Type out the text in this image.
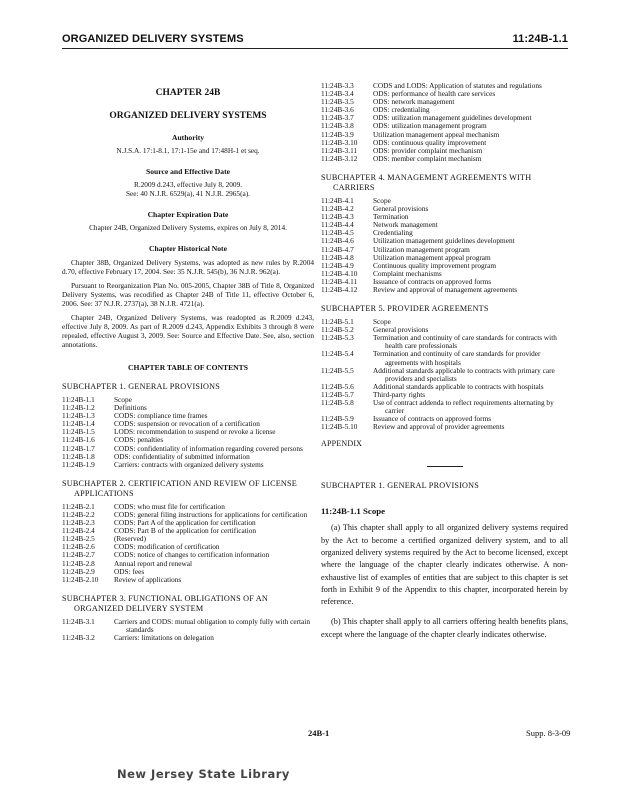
ORGANIZED DELIVERY SYSTEMS	11:24B-1.1
CHAPTER 24B
ORGANIZED DELIVERY SYSTEMS
Authority
N.J.S.A. 17:1-8.1, 17:1-15e and 17:48H-1 et seq.
Source and Effective Date
R.2009 d.243, effective July 8, 2009.
See: 40 N.J.R. 6529(a), 41 N.J.R. 2965(a).
Chapter Expiration Date
Chapter 24B, Organized Delivery Systems, expires on July 8, 2014.
Chapter Historical Note
Chapter 38B, Organized Delivery Systems, was adopted as new rules by R.2004 d.70, effective February 17, 2004. See: 35 N.J.R. 545(b), 36 N.J.R. 962(a).
Pursuant to Reorganization Plan No. 005-2005, Chapter 38B of Title 8, Organized Delivery Systems, was recodified as Chapter 24B of Title 11, effective October 6, 2006. See: 37 N.J.R. 2737(a), 38 N.J.R. 4721(a).
Chapter 24B, Organized Delivery Systems, was readopted as R.2009 d.243, effective July 8, 2009. As part of R.2009 d.243, Appendix Exhibits 3 through 8 were repealed, effective August 3, 2009. See: Source and Effective Date. See, also, section annotations.
CHAPTER TABLE OF CONTENTS
SUBCHAPTER 1. GENERAL PROVISIONS
11:24B-1.1	Scope
11:24B-1.2	Definitions
11:24B-1.3	CODS: compliance time frames
11:24B-1.4	CODS: suspension or revocation of a certification
11:24B-1.5	LODS: recommendation to suspend or revoke a license
11:24B-1.6	CODS: penalties
11:24B-1.7	CODS: confidentiality of information regarding covered persons
11:24B-1.8	ODS: confidentiality of submitted information
11:24B-1.9	Carriers: contracts with organized delivery systems
SUBCHAPTER 2. CERTIFICATION AND REVIEW OF LICENSE APPLICATIONS
11:24B-2.1	CODS: who must file for certification
11:24B-2.2	CODS: general filing instructions for applications for certification
11:24B-2.3	CODS: Part A of the application for certification
11:24B-2.4	CODS: Part B of the application for certification
11:24B-2.5	(Reserved)
11:24B-2.6	CODS: modification of certification
11:24B-2.7	CODS: notice of changes to certification information
11:24B-2.8	Annual report and renewal
11:24B-2.9	ODS: fees
11:24B-2.10	Review of applications
SUBCHAPTER 3. FUNCTIONAL OBLIGATIONS OF AN ORGANIZED DELIVERY SYSTEM
11:24B-3.1	Carriers and CODS: mutual obligation to comply fully with certain standards
11:24B-3.2	Carriers: limitations on delegation
11:24B-3.3	CODS and LODS: Application of statutes and regulations
11:24B-3.4	ODS: performance of health care services
11:24B-3.5	ODS: network management
11:24B-3.6	ODS: credentialing
11:24B-3.7	ODS: utilization management guidelines development
11:24B-3.8	ODS: utilization management program
11:24B-3.9	Utilization management appeal mechanism
11:24B-3.10	ODS: continuous quality improvement
11:24B-3.11	ODS: provider complaint mechanism
11:24B-3.12	ODS: member complaint mechanism
SUBCHAPTER 4. MANAGEMENT AGREEMENTS WITH CARRIERS
11:24B-4.1	Scope
11:24B-4.2	General provisions
11:24B-4.3	Termination
11:24B-4.4	Network management
11:24B-4.5	Credentialing
11:24B-4.6	Utilization management guidelines development
11:24B-4.7	Utilization management program
11:24B-4.8	Utilization management appeal program
11:24B-4.9	Continuous quality improvement program
11:24B-4.10	Complaint mechanisms
11:24B-4.11	Issuance of contracts on approved forms
11:24B-4.12	Review and approval of management agreements
SUBCHAPTER 5. PROVIDER AGREEMENTS
11:24B-5.1	Scope
11:24B-5.2	General provisions
11:24B-5.3	Termination and continuity of care standards for contracts with health care professionals
11:24B-5.4	Termination and continuity of care standards for provider agreements with hospitals
11:24B-5.5	Additional standards applicable to contracts with primary care providers and specialists
11:24B-5.6	Additional standards applicable to contracts with hospitals
11:24B-5.7	Third-party rights
11:24B-5.8	Use of contract addenda to reflect requirements alternating by carrier
11:24B-5.9	Issuance of contracts on approved forms
11:24B-5.10	Review and approval of provider agreements
APPENDIX
SUBCHAPTER 1. GENERAL PROVISIONS
11:24B-1.1 Scope
(a) This chapter shall apply to all organized delivery systems required by the Act to become a certified organized delivery system, and to all organized delivery systems required by the Act to become licensed, except where the language of the chapter clearly indicates otherwise. A non-exhaustive list of examples of entities that are subject to this chapter is set forth in Exhibit 9 of the Appendix to this chapter, incorporated herein by reference.
(b) This chapter shall apply to all carriers offering health benefits plans, except where the language of the chapter clearly indicates otherwise.
24B-1	Supp. 8-3-09
New Jersey State Library
